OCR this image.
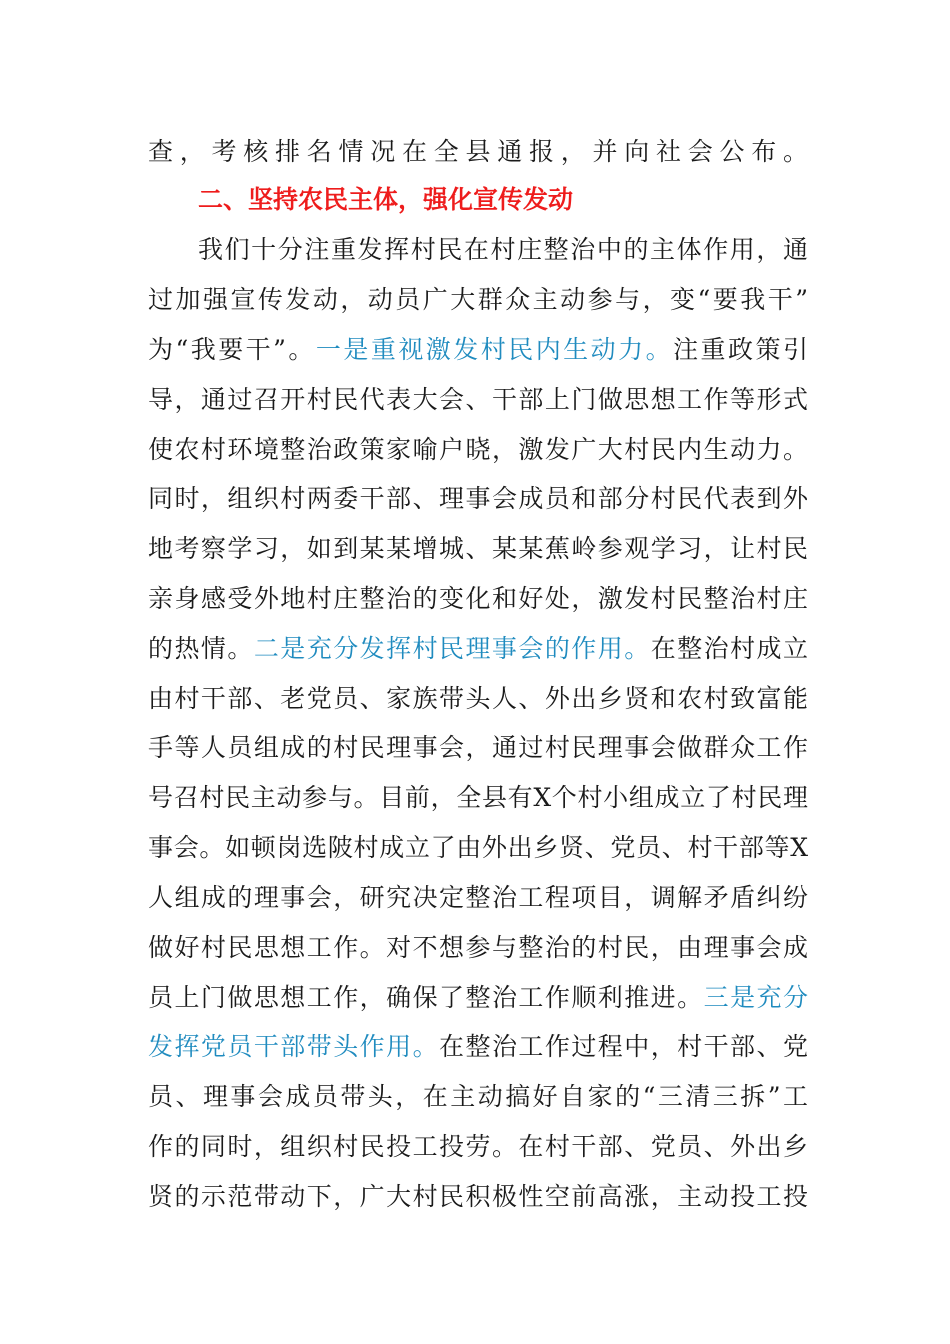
查，考核排名情况在全县通报，并向社会公布。
二、坚持农民主体，强化宣传发动
我们十分注重发挥村民在村庄整治中的主体作用，通
过加强宣传发动，动员广大群众主动参与，变“要我干”
为“我要干”。一是重视激发村民内生动力。注重政策引
导，通过召开村民代表大会、干部上门做思想工作等形式
使农村环境整治政策家喻户晓，激发广大村民内生动力。
同时，组织村两委干部、理事会成员和部分村民代表到外
地考察学习，如到某某增城、某某蕉岭参观学习，让村民
亲身感受外地村庄整治的变化和好处，激发村民整治村庄
的热情。二是充分发挥村民理事会的作用。在整治村成立
由村干部、老党员、家族带头人、外出乡贤和农村致富能
手等人员组成的村民理事会，通过村民理事会做群众工作
号召村民主动参与。目前，全县有X个村小组成立了村民理
事会。如顿岗选陂村成立了由外出乡贤、党员、村干部等X
人组成的理事会，研究决定整治工程项目，调解矛盾纠纷
做好村民思想工作。对不想参与整治的村民，由理事会成
员上门做思想工作，确保了整治工作顺利推进。三是充分
发挥党员干部带头作用。在整治工作过程中，村干部、党
员、理事会成员带头，在主动搞好自家的“三清三拆”工
作的同时，组织村民投工投劳。在村干部、党员、外出乡
贤的示范带动下，广大村民积极性空前高涨，主动投工投
